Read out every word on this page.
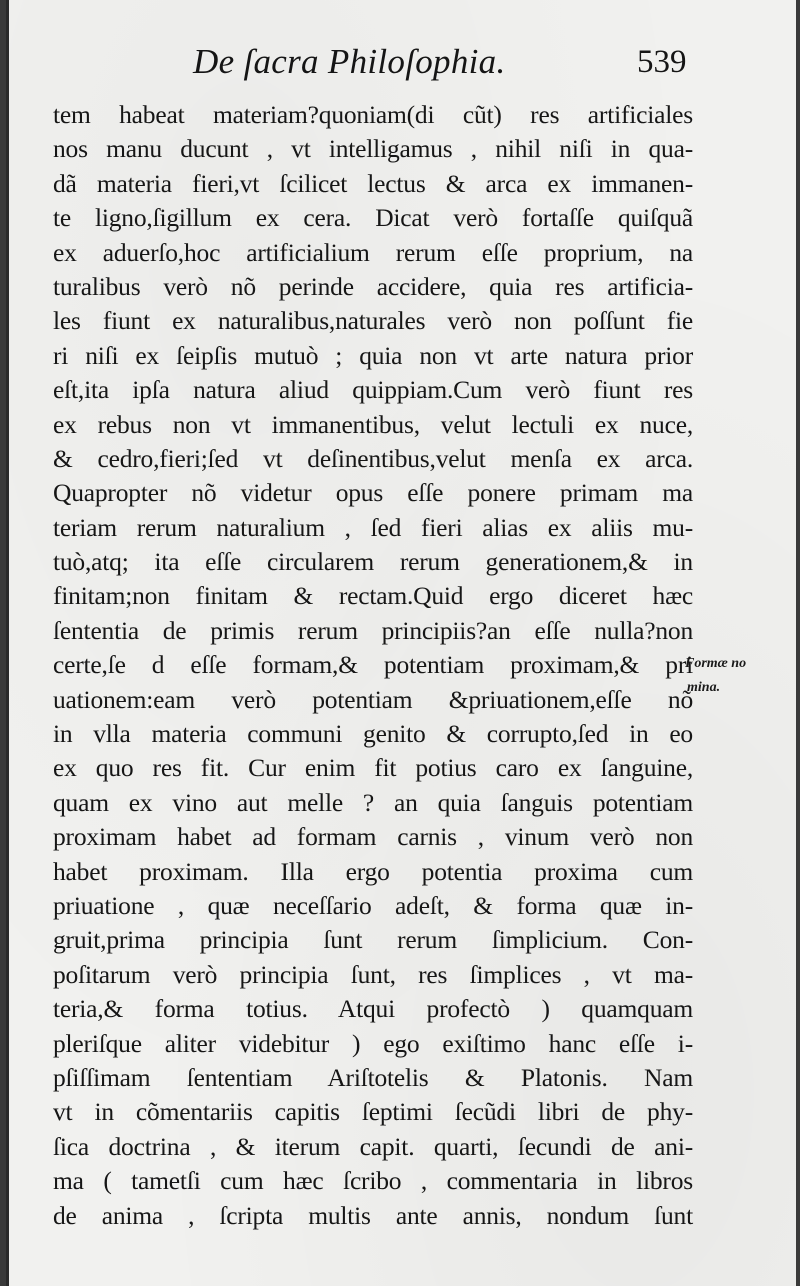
De ſacra Philoſophia.	539
tem habeat materiam?quoniam(di cũt) res artificiales
nos manu ducunt , vt intelligamus , nihil niſi in qua-
dã materia fieri,vt ſcilicet lectus & arca ex immanen-
te ligno,ſigillum ex cera. Dicat verò fortaſſe quiſquã
ex aduerſo,hoc artificialium rerum eſſe proprium, na
turalibus verò nõ perinde accidere, quia res artificia-
les fiunt ex naturalibus,naturales verò non poſſunt fie
ri niſi ex ſeipſis mutuò ; quia non vt arte natura prior
eſt,ita ipſa natura aliud quippiam.Cum verò fiunt res
ex rebus non vt immanentibus, velut lectuli ex nuce,
& cedro,fieri;ſed vt deſinentibus,velut menſa ex arca.
Quapropter nõ videtur opus eſſe ponere primam ma
teriam rerum naturalium , ſed fieri alias ex aliis mu-
tuò,atq; ita eſſe circularem rerum generationem,& in
finitam;non finitam & rectam.Quid ergo diceret hæc
ſententia de primis rerum principiis?an eſſe nulla?non
certe,ſe d eſſe formam,& potentiam proximam,& pri
uationem:eam verò potentiam &priuationem,eſſe nõ
in vlla materia communi genito & corrupto,ſed in eo
ex quo res fit. Cur enim fit potius caro ex ſanguine,
quam ex vino aut melle ? an quia ſanguis potentiam
proximam habet ad formam carnis , vinum verò non
habet proximam. Illa ergo potentia proxima cum
priuatione , quæ neceſſario adeſt, & forma quæ in-
gruit,prima principia ſunt rerum ſimplicium. Con-
poſitarum verò principia ſunt, res ſimplices , vt ma-
teria,& forma totius. Atqui profectò ) quamquam
pleriſque aliter videbitur ) ego exiſtimo hanc eſſe i-
pſiſſimam ſententiam Ariſtotelis & Platonis. Nam
vt in cõmentariis capitis ſeptimi ſecũdi libri de phy-
ſica doctrina , & iterum capit. quarti, ſecundi de ani-
ma ( tametſi cum hæc ſcribo , commentaria in libros
de anima , ſcripta multis ante annis, nondum ſunt
Formæ no
mina.
